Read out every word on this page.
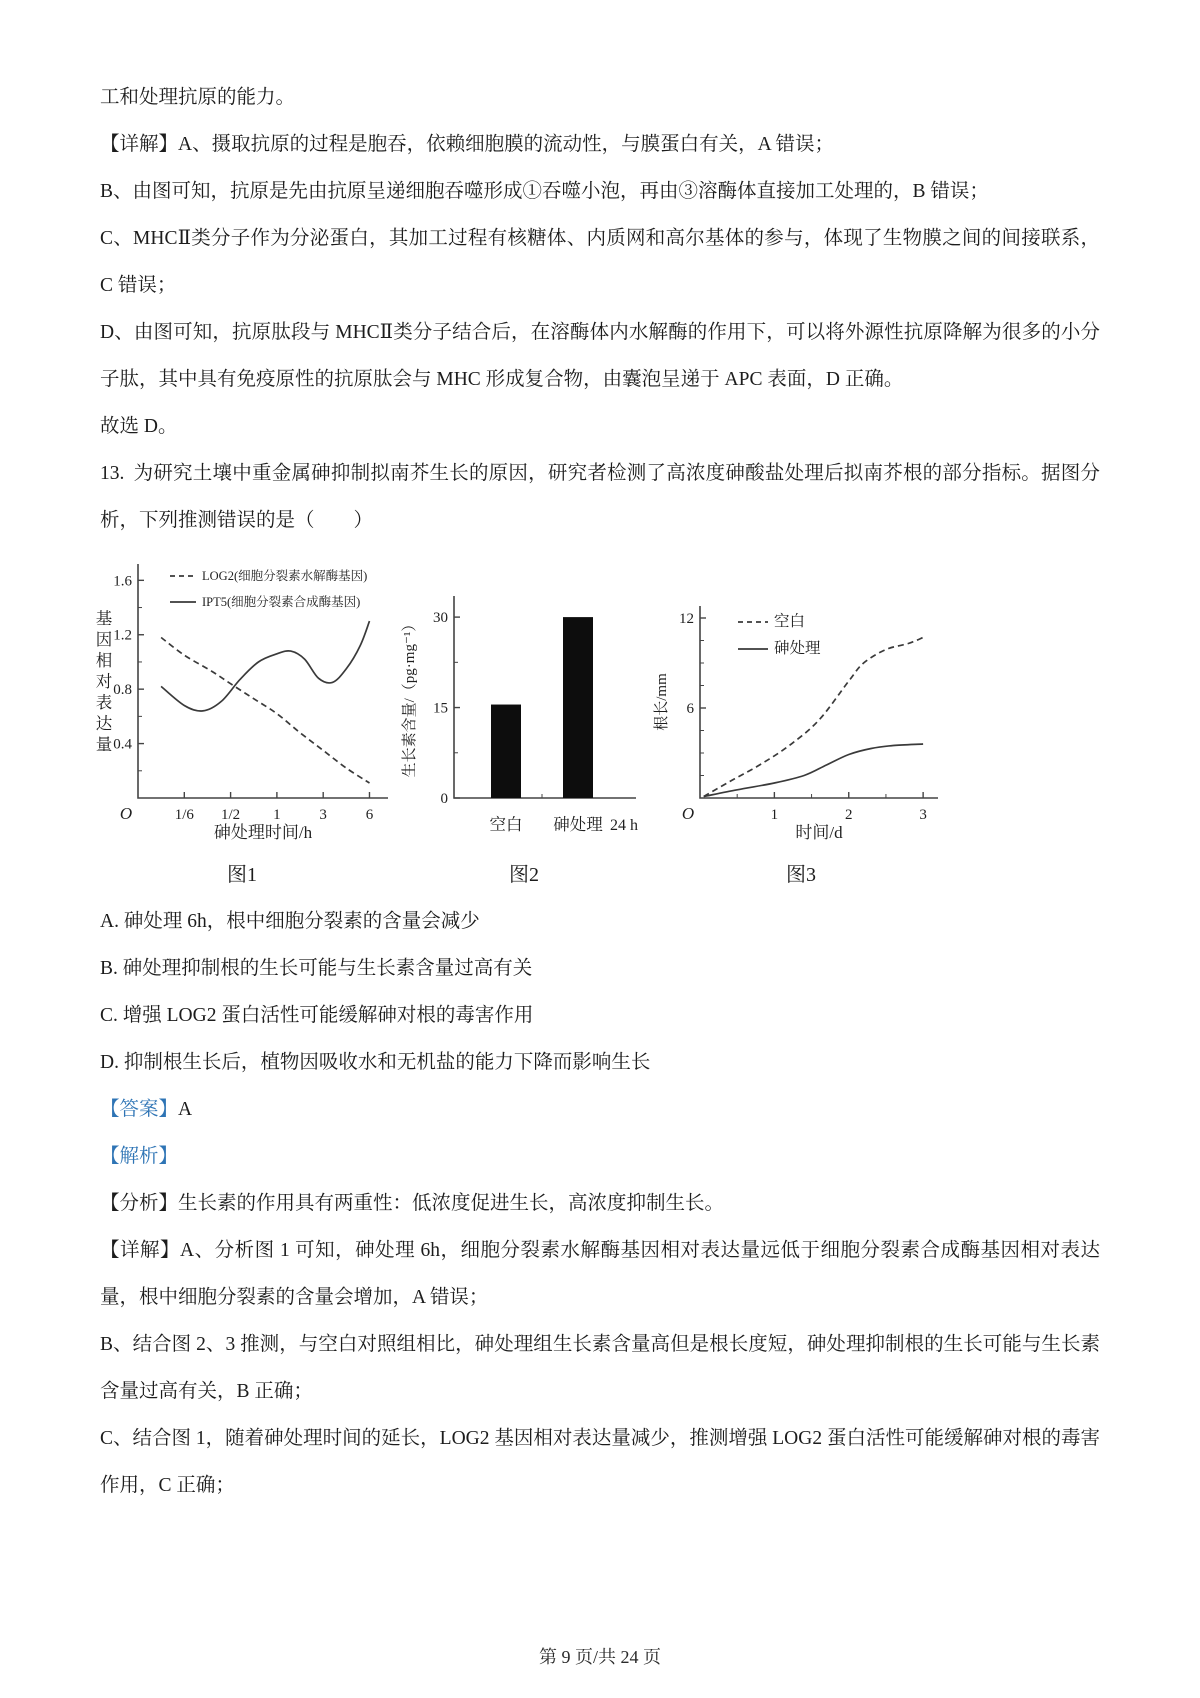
工和处理抗原的能力。

【详解】A、摄取抗原的过程是胞吞，依赖细胞膜的流动性，与膜蛋白有关，A 错误；

B、由图可知，抗原是先由抗原呈递细胞吞噬形成①吞噬小泡，再由③溶酶体直接加工处理的，B 错误；

C、MHCⅡ类分子作为分泌蛋白，其加工过程有核糖体、内质网和高尔基体的参与，体现了生物膜之间的间接联系，C 错误；

D、由图可知，抗原肽段与 MHCⅡ类分子结合后，在溶酶体内水解酶的作用下，可以将外源性抗原降解为很多的小分子肽，其中具有免疫原性的抗原肽会与 MHC 形成复合物，由囊泡呈递于 APC 表面，D 正确。

故选 D。

13. 为研究土壤中重金属砷抑制拟南芥生长的原因，研究者检测了高浓度砷酸盐处理后拟南芥根的部分指标。据图分析，下列推测错误的是（　　）

0.4
0.8
1.2
1.6
基
因
相
对
表
达
量
1/6 1/2 1	3	6
LOG2(细胞分裂素水解酶基因)
IPT5(细胞分裂素合成酶基因)
砷处理时间/h
O
图1
0
15
30
生长素含量/（pg·mg⁻¹）
空白 砷处理 24 h
图2
6
12
根长/mm
1	2	3
空白
砷处理
时间/d
O
图3

A. 砷处理 6h，根中细胞分裂素的含量会减少

B. 砷处理抑制根的生长可能与生长素含量过高有关

C. 增强 LOG2 蛋白活性可能缓解砷对根的毒害作用

D. 抑制根生长后，植物因吸收水和无机盐的能力下降而影响生长

【答案】A

【解析】

【分析】生长素的作用具有两重性：低浓度促进生长，高浓度抑制生长。

【详解】A、分析图 1 可知，砷处理 6h，细胞分裂素水解酶基因相对表达量远低于细胞分裂素合成酶基因相对表达量，根中细胞分裂素的含量会增加，A 错误；

B、结合图 2、3 推测，与空白对照组相比，砷处理组生长素含量高但是根长度短，砷处理抑制根的生长可能与生长素含量过高有关，B 正确；

C、结合图 1，随着砷处理时间的延长，LOG2 基因相对表达量减少，推测增强 LOG2 蛋白活性可能缓解砷对根的毒害作用，C 正确；

第 9 页/共 24 页
